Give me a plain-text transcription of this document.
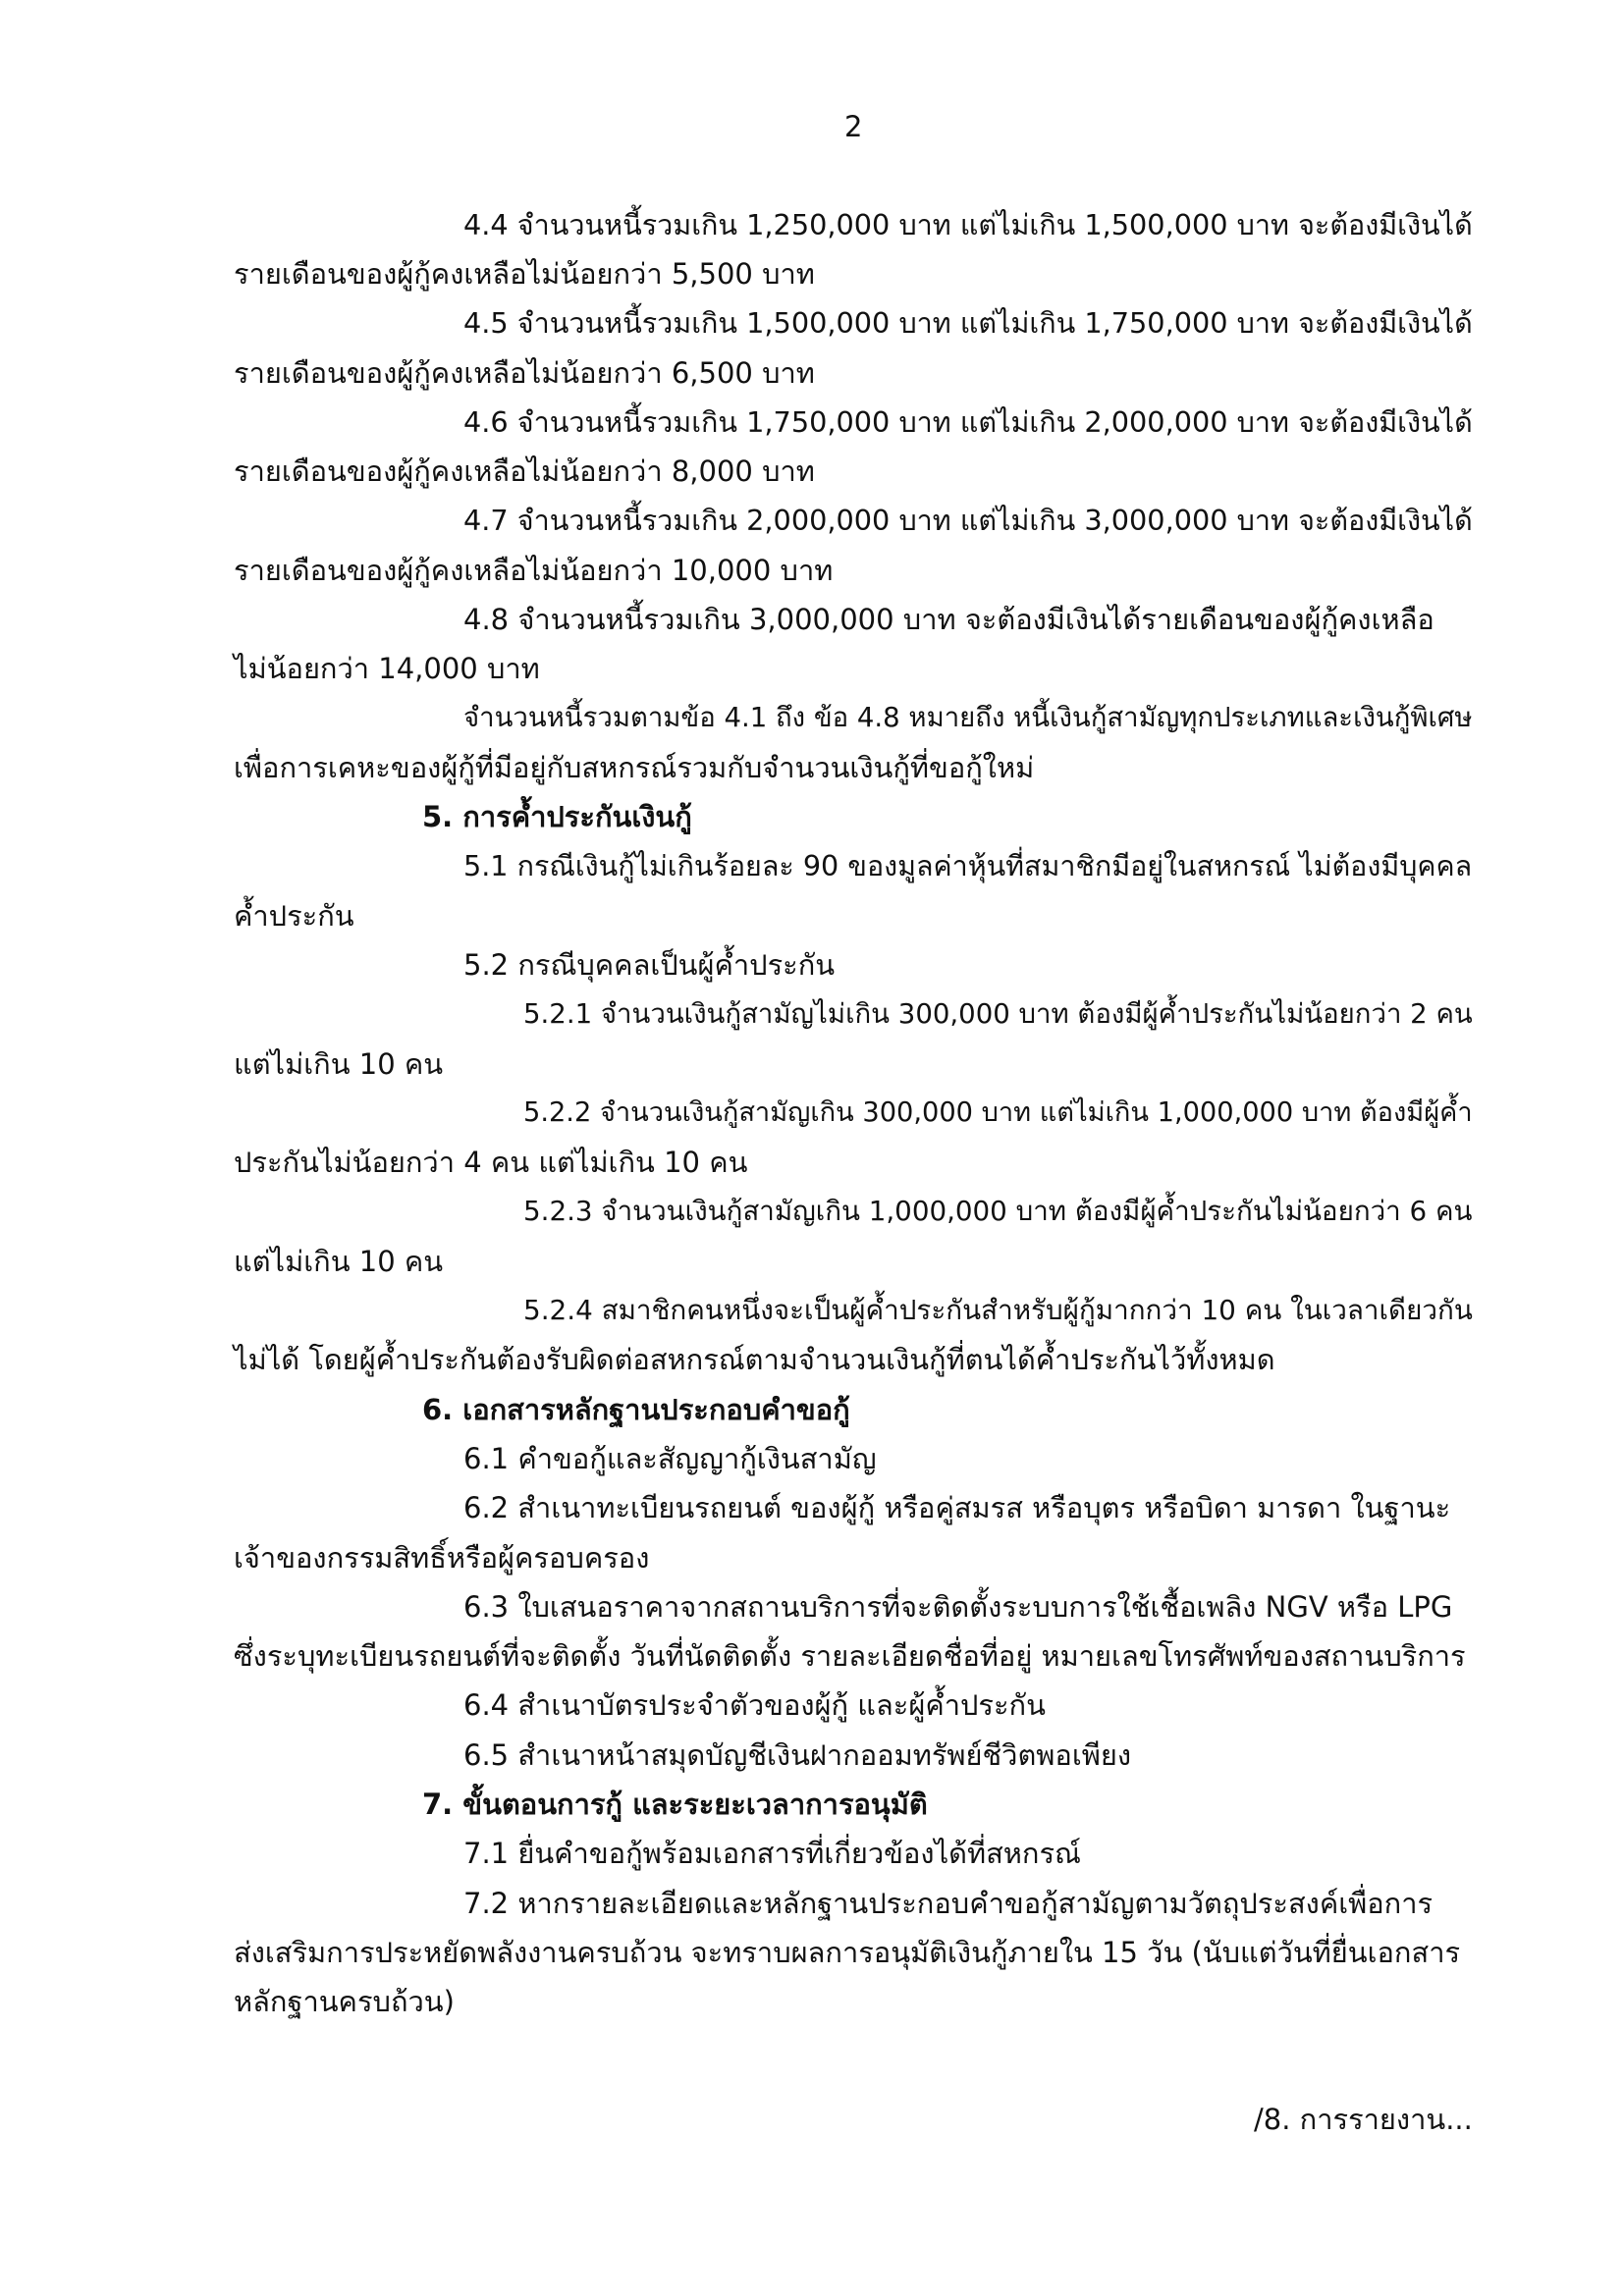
2
4.4 จำนวนหนี้รวมเกิน 1,250,000 บาท แต่ไม่เกิน 1,500,000 บาท จะต้องมีเงินได้
รายเดือนของผู้กู้คงเหลือไม่น้อยกว่า 5,500 บาท
4.5 จำนวนหนี้รวมเกิน 1,500,000 บาท แต่ไม่เกิน 1,750,000 บาท จะต้องมีเงินได้
รายเดือนของผู้กู้คงเหลือไม่น้อยกว่า 6,500 บาท
4.6 จำนวนหนี้รวมเกิน 1,750,000 บาท แต่ไม่เกิน 2,000,000 บาท จะต้องมีเงินได้
รายเดือนของผู้กู้คงเหลือไม่น้อยกว่า 8,000 บาท
4.7 จำนวนหนี้รวมเกิน 2,000,000 บาท แต่ไม่เกิน 3,000,000 บาท จะต้องมีเงินได้
รายเดือนของผู้กู้คงเหลือไม่น้อยกว่า 10,000 บาท
4.8 จำนวนหนี้รวมเกิน 3,000,000 บาท จะต้องมีเงินได้รายเดือนของผู้กู้คงเหลือ
ไม่น้อยกว่า 14,000 บาท
จำนวนหนี้รวมตามข้อ 4.1 ถึง ข้อ 4.8 หมายถึง หนี้เงินกู้สามัญทุกประเภทและเงินกู้พิเศษ
เพื่อการเคหะของผู้กู้ที่มีอยู่กับสหกรณ์รวมกับจำนวนเงินกู้ที่ขอกู้ใหม่
5. การค้ำประกันเงินกู้
5.1 กรณีเงินกู้ไม่เกินร้อยละ 90 ของมูลค่าหุ้นที่สมาชิกมีอยู่ในสหกรณ์ ไม่ต้องมีบุคคล
ค้ำประกัน
5.2 กรณีบุคคลเป็นผู้ค้ำประกัน
5.2.1 จำนวนเงินกู้สามัญไม่เกิน 300,000 บาท ต้องมีผู้ค้ำประกันไม่น้อยกว่า 2 คน
แต่ไม่เกิน 10 คน
5.2.2 จำนวนเงินกู้สามัญเกิน 300,000 บาท แต่ไม่เกิน 1,000,000 บาท ต้องมีผู้ค้ำ
ประกันไม่น้อยกว่า 4 คน แต่ไม่เกิน 10 คน
5.2.3 จำนวนเงินกู้สามัญเกิน 1,000,000 บาท ต้องมีผู้ค้ำประกันไม่น้อยกว่า 6 คน
แต่ไม่เกิน 10 คน
5.2.4 สมาชิกคนหนึ่งจะเป็นผู้ค้ำประกันสำหรับผู้กู้มากกว่า 10 คน ในเวลาเดียวกัน
ไม่ได้ โดยผู้ค้ำประกันต้องรับผิดต่อสหกรณ์ตามจำนวนเงินกู้ที่ตนได้ค้ำประกันไว้ทั้งหมด
6. เอกสารหลักฐานประกอบคำขอกู้
6.1 คำขอกู้และสัญญากู้เงินสามัญ
6.2 สำเนาทะเบียนรถยนต์ ของผู้กู้ หรือคู่สมรส หรือบุตร หรือบิดา มารดา ในฐานะ
เจ้าของกรรมสิทธิ์หรือผู้ครอบครอง
6.3 ใบเสนอราคาจากสถานบริการที่จะติดตั้งระบบการใช้เชื้อเพลิง NGV หรือ LPG
ซึ่งระบุทะเบียนรถยนต์ที่จะติดตั้ง วันที่นัดติดตั้ง รายละเอียดชื่อที่อยู่ หมายเลขโทรศัพท์ของสถานบริการ
6.4 สำเนาบัตรประจำตัวของผู้กู้ และผู้ค้ำประกัน
6.5 สำเนาหน้าสมุดบัญชีเงินฝากออมทรัพย์ชีวิตพอเพียง
7. ขั้นตอนการกู้ และระยะเวลาการอนุมัติ
7.1 ยื่นคำขอกู้พร้อมเอกสารที่เกี่ยวข้องได้ที่สหกรณ์
7.2 หากรายละเอียดและหลักฐานประกอบคำขอกู้สามัญตามวัตถุประสงค์เพื่อการ
ส่งเสริมการประหยัดพลังงานครบถ้วน จะทราบผลการอนุมัติเงินกู้ภายใน 15 วัน (นับแต่วันที่ยื่นเอกสาร
หลักฐานครบถ้วน)
/8. การรายงาน...
